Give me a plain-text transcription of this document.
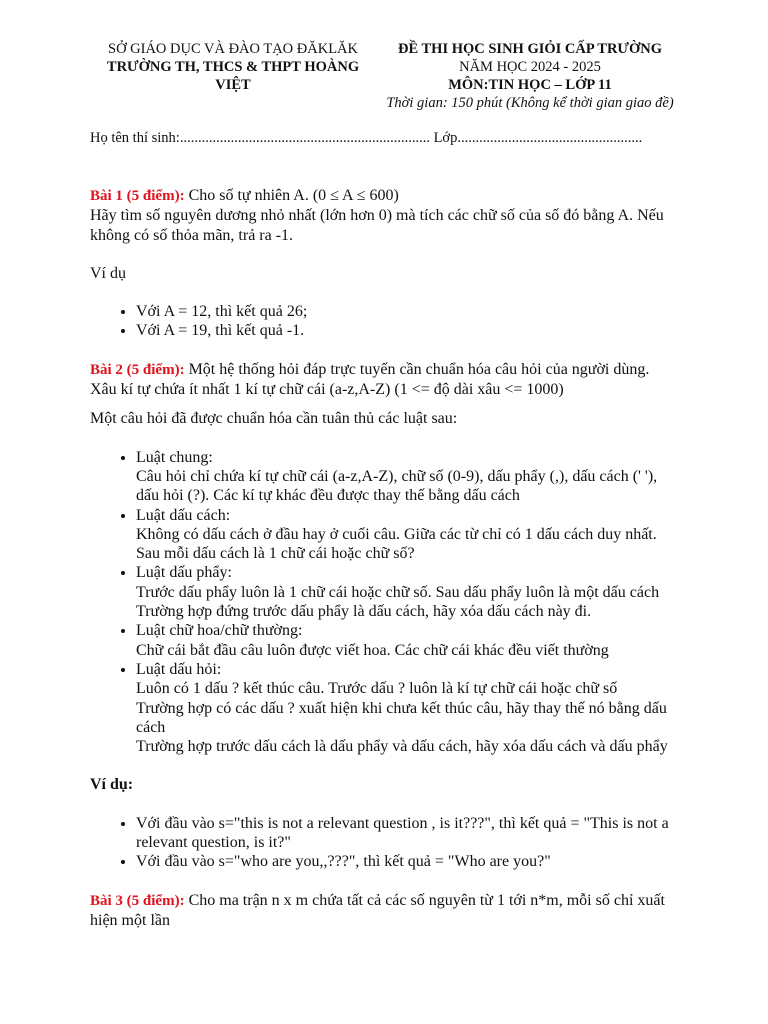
SỞ GIÁO DỤC VÀ ĐÀO TẠO ĐĂKLĂK
TRƯỜNG TH, THCS & THPT HOÀNG VIỆT
ĐỀ THI HỌC SINH GIỎI CẤP TRƯỜNG
NĂM HỌC 2024 - 2025
MÔN:TIN HỌC – LỚP 11
Thời gian: 150 phút (Không kể thời gian giao đề)
Họ tên thí sinh:..................................................................... Lớp...................................................

Bài 1 (5 điểm): Cho số tự nhiên A. (0 ≤ A ≤ 600)

Hãy tìm số nguyên dương nhỏ nhất (lớn hơn 0) mà tích các chữ số của số đó bằng A. Nếu không có số thỏa mãn, trả ra -1.

Ví dụ

• Với A = 12, thì kết quả 26;
• Với A = 19, thì kết quả -1.

Bài 2 (5 điểm): Một hệ thống hỏi đáp trực tuyến cần chuẩn hóa câu hỏi của người dùng.

Xâu kí tự chứa ít nhất 1 kí tự chữ cái (a-z,A-Z) (1 <= độ dài xâu <= 1000)

Một câu hỏi đã được chuẩn hóa cần tuân thủ các luật sau:

• Luật chung:
Câu hỏi chỉ chứa kí tự chữ cái (a-z,A-Z), chữ số (0-9), dấu phẩy (,), dấu cách (' '), dấu hỏi (?). Các kí tự khác đều được thay thế bằng dấu cách
• Luật dấu cách:
Không có dấu cách ở đầu hay ở cuối câu. Giữa các từ chỉ có 1 dấu cách duy nhất. Sau mỗi dấu cách là 1 chữ cái hoặc chữ số?
• Luật dấu phẩy:
Trước dấu phẩy luôn là 1 chữ cái hoặc chữ số. Sau dấu phẩy luôn là một dấu cách
Trường hợp đứng trước dấu phẩy là dấu cách, hãy xóa dấu cách này đi.
• Luật chữ hoa/chữ thường:
Chữ cái bắt đầu câu luôn được viết hoa. Các chữ cái khác đều viết thường
• Luật dấu hỏi:
Luôn có 1 dấu ? kết thúc câu. Trước dấu ? luôn là kí tự chữ cái hoặc chữ số
Trường hợp có các dấu ? xuất hiện khi chưa kết thúc câu, hãy thay thế nó bằng dấu cách
Trường hợp trước dấu cách là dấu phẩy và dấu cách, hãy xóa dấu cách và dấu phẩy

Ví dụ:

• Với đầu vào s="this is not a relevant question , is it???", thì kết quả = "This is not a relevant question, is it?"
• Với đầu vào s="who are you,,???", thì kết quả = "Who are you?"

Bài 3 (5 điểm): Cho ma trận n x m chứa tất cả các số nguyên từ 1 tới n*m, mỗi số chỉ xuất hiện một lần
